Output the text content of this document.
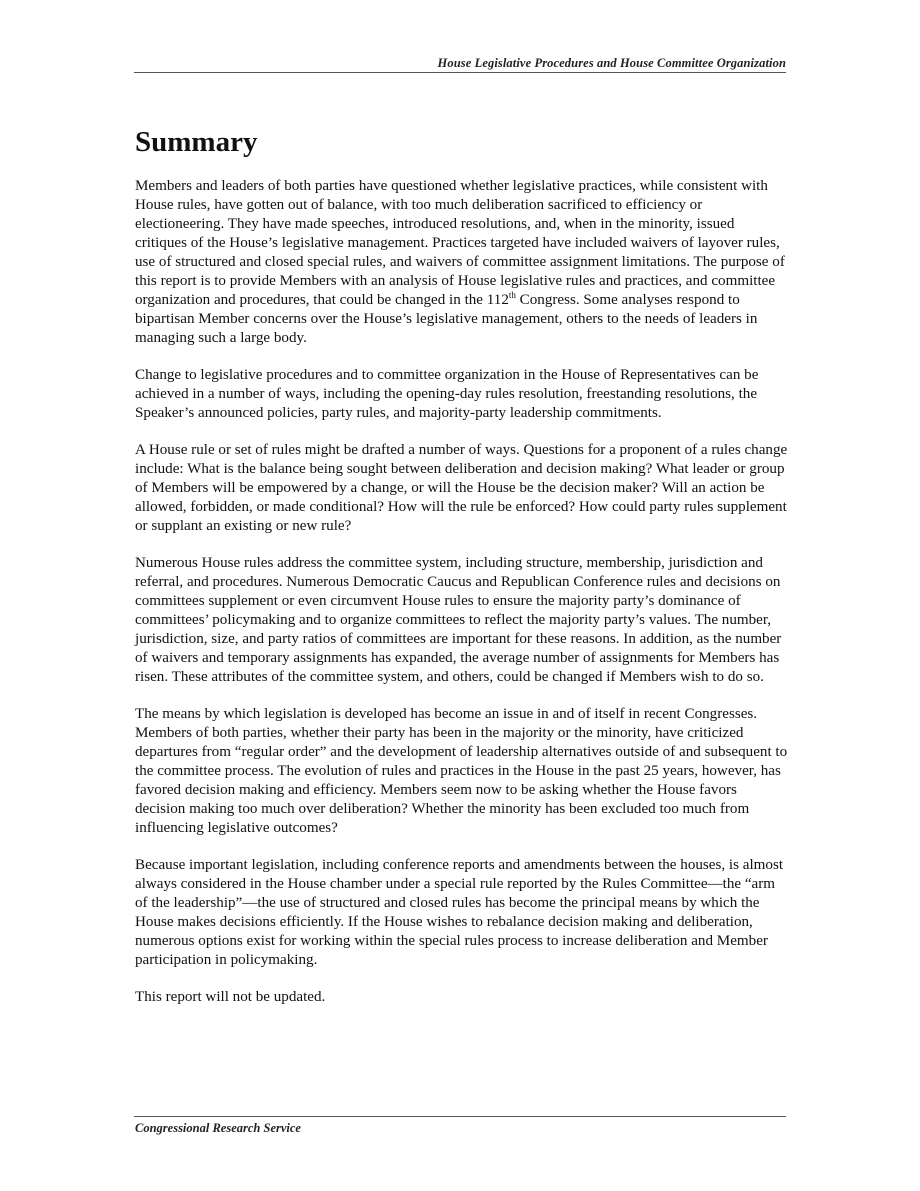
House Legislative Procedures and House Committee Organization
Summary

Members and leaders of both parties have questioned whether legislative practices, while consistent with House rules, have gotten out of balance, with too much deliberation sacrificed to efficiency or electioneering. They have made speeches, introduced resolutions, and, when in the minority, issued critiques of the House’s legislative management. Practices targeted have included waivers of layover rules, use of structured and closed special rules, and waivers of committee assignment limitations. The purpose of this report is to provide Members with an analysis of House legislative rules and practices, and committee organization and procedures, that could be changed in the 112th Congress. Some analyses respond to bipartisan Member concerns over the House’s legislative management, others to the needs of leaders in managing such a large body.

Change to legislative procedures and to committee organization in the House of Representatives can be achieved in a number of ways, including the opening-day rules resolution, freestanding resolutions, the Speaker’s announced policies, party rules, and majority-party leadership commitments.

A House rule or set of rules might be drafted a number of ways. Questions for a proponent of a rules change include: What is the balance being sought between deliberation and decision making? What leader or group of Members will be empowered by a change, or will the House be the decision maker? Will an action be allowed, forbidden, or made conditional? How will the rule be enforced? How could party rules supplement or supplant an existing or new rule?

Numerous House rules address the committee system, including structure, membership, jurisdiction and referral, and procedures. Numerous Democratic Caucus and Republican Conference rules and decisions on committees supplement or even circumvent House rules to ensure the majority party’s dominance of committees’ policymaking and to organize committees to reflect the majority party’s values. The number, jurisdiction, size, and party ratios of committees are important for these reasons. In addition, as the number of waivers and temporary assignments has expanded, the average number of assignments for Members has risen. These attributes of the committee system, and others, could be changed if Members wish to do so.

The means by which legislation is developed has become an issue in and of itself in recent Congresses. Members of both parties, whether their party has been in the majority or the minority, have criticized departures from “regular order” and the development of leadership alternatives outside of and subsequent to the committee process. The evolution of rules and practices in the House in the past 25 years, however, has favored decision making and efficiency. Members seem now to be asking whether the House favors decision making too much over deliberation? Whether the minority has been excluded too much from influencing legislative outcomes?

Because important legislation, including conference reports and amendments between the houses, is almost always considered in the House chamber under a special rule reported by the Rules Committee—the “arm of the leadership”—the use of structured and closed rules has become the principal means by which the House makes decisions efficiently. If the House wishes to rebalance decision making and deliberation, numerous options exist for working within the special rules process to increase deliberation and Member participation in policymaking.

This report will not be updated.

Congressional Research Service
